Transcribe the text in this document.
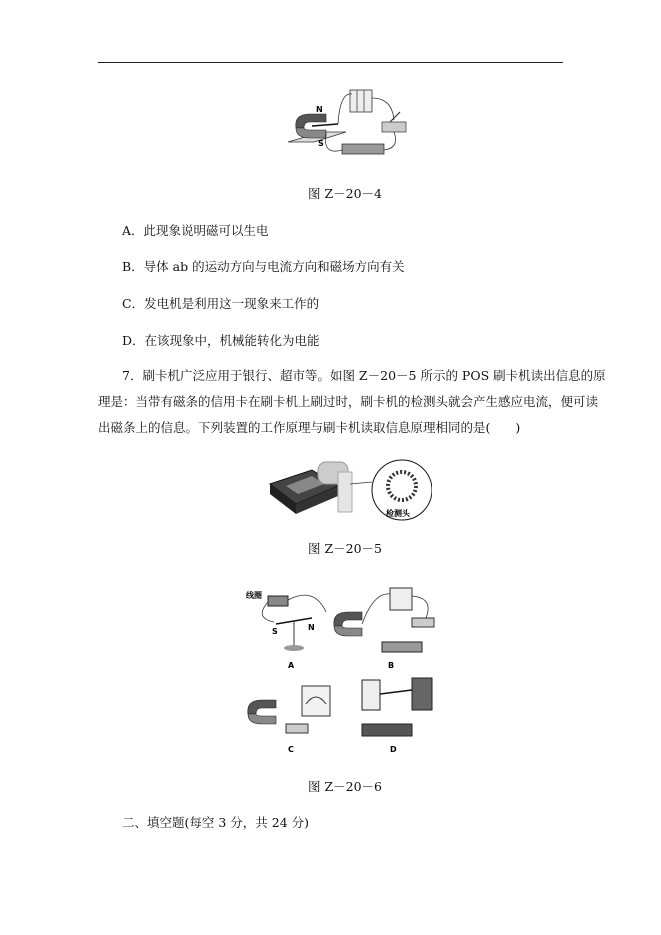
N
S
图 Z－20－4
A．此现象说明磁可以生电
B．导体 ab 的运动方向与电流方向和磁场方向有关
C．发电机是利用这一现象来工作的
D．在该现象中，机械能转化为电能
7．刷卡机广泛应用于银行、超市等。如图 Z－20－5 所示的 POS 刷卡机读出信息的原
理是：当带有磁条的信用卡在刷卡机上刷过时，刷卡机的检测头就会产生感应电流，便可读
出磁条上的信息。下列装置的工作原理与刷卡机读取信息原理相同的是(　　)
检测头
图 Z－20－5
线圈
S	N
A	B
C	D
图 Z－20－6
二、填空题(每空 3 分，共 24 分)
